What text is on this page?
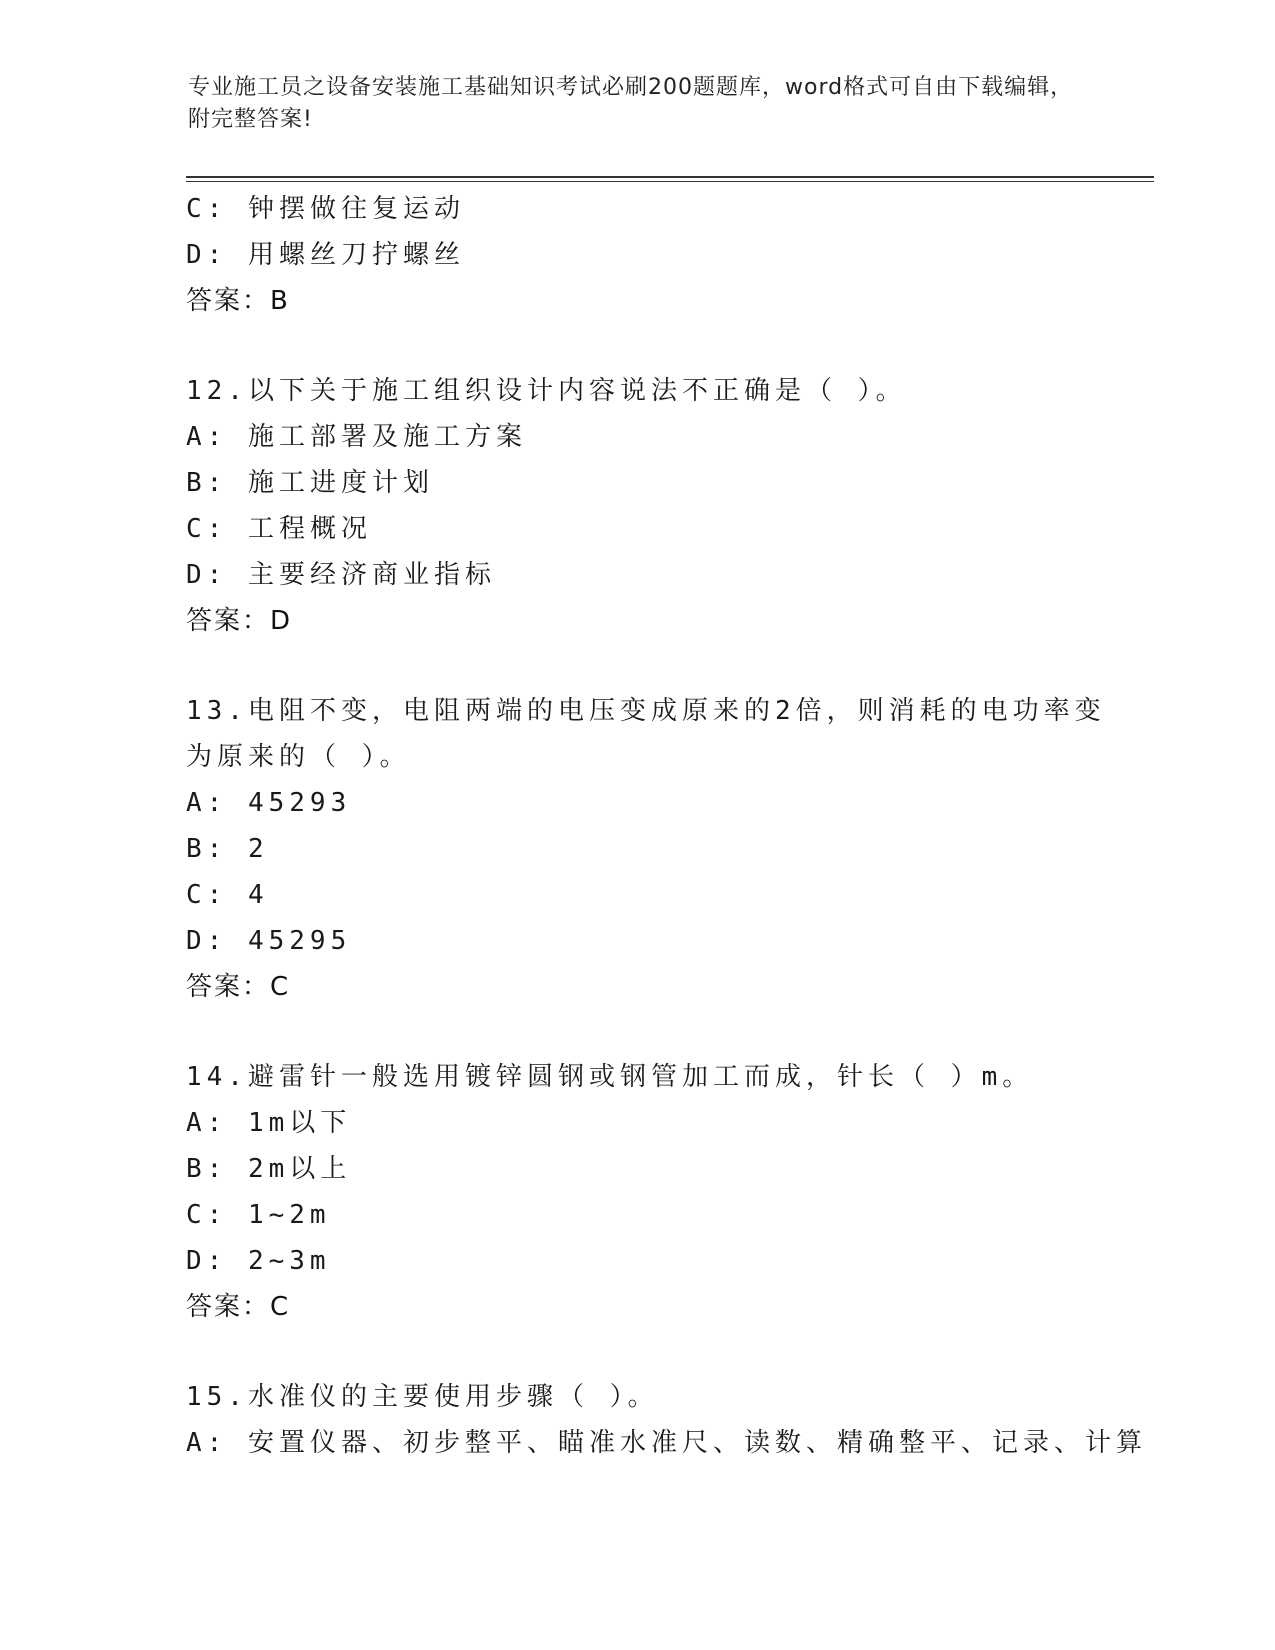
专业施工员之设备安装施工基础知识考试必刷200题题库，word格式可自由下载编辑，附完整答案!
C: 钟摆做往复运动
D: 用螺丝刀拧螺丝
答案：B
12.以下关于施工组织设计内容说法不正确是（ ）。
A: 施工部署及施工方案
B: 施工进度计划
C: 工程概况
D: 主要经济商业指标
答案：D
13.电阻不变，电阻两端的电压变成原来的2倍，则消耗的电功率变为原来的（ ）。
A: 45293
B: 2
C: 4
D: 45295
答案：C
14.避雷针一般选用镀锌圆钢或钢管加工而成，针长（ ）m。
A: 1m以下
B: 2m以上
C: 1~2m
D: 2~3m
答案：C
15.水准仪的主要使用步骤（ ）。
A: 安置仪器、初步整平、瞄准水准尺、读数、精确整平、记录、计算
